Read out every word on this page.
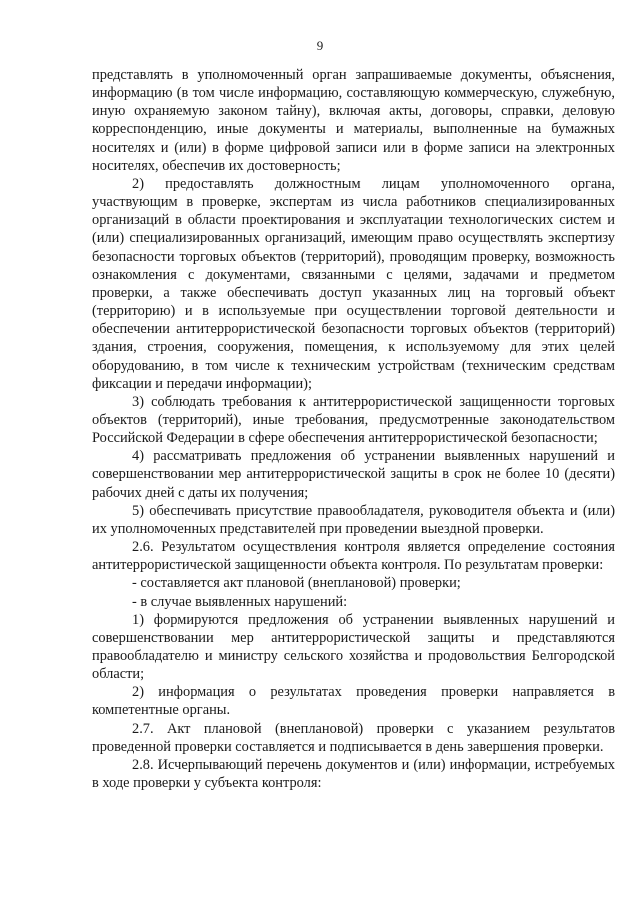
9

представлять в уполномоченный орган запрашиваемые документы, объяснения, информацию (в том числе информацию, составляющую коммерческую, служебную, иную охраняемую законом тайну), включая акты, договоры, справки, деловую корреспонденцию, иные документы и материалы, выполненные на бумажных носителях и (или) в форме цифровой записи или в форме записи на электронных носителях, обеспечив их достоверность;

2) предоставлять должностным лицам уполномоченного органа, участвующим в проверке, экспертам из числа работников специализированных организаций в области проектирования и эксплуатации технологических систем и (или) специализированных организаций, имеющим право осуществлять экспертизу безопасности торговых объектов (территорий), проводящим проверку, возможность ознакомления с документами, связанными с целями, задачами и предметом проверки, а также обеспечивать доступ указанных лиц на торговый объект (территорию) и в используемые при осуществлении торговой деятельности и обеспечении антитеррористической безопасности торговых объектов (территорий) здания, строения, сооружения, помещения, к используемому для этих целей оборудованию, в том числе к техническим устройствам (техническим средствам фиксации и передачи информации);

3) соблюдать требования к антитеррористической защищенности торговых объектов (территорий), иные требования, предусмотренные законодательством Российской Федерации в сфере обеспечения антитеррористической безопасности;

4) рассматривать предложения об устранении выявленных нарушений и совершенствовании мер антитеррористической защиты в срок не более 10 (десяти) рабочих дней с даты их получения;

5) обеспечивать присутствие правообладателя, руководителя объекта и (или) их уполномоченных представителей при проведении выездной проверки.

2.6. Результатом осуществления контроля является определение состояния антитеррористической защищенности объекта контроля. По результатам проверки:

- составляется акт плановой (внеплановой) проверки;

- в случае выявленных нарушений:

1) формируются предложения об устранении выявленных нарушений и совершенствовании мер антитеррористической защиты и представляются правообладателю и министру сельского хозяйства и продовольствия Белгородской области;

2) информация о результатах проведения проверки направляется в компетентные органы.

2.7. Акт плановой (внеплановой) проверки с указанием результатов проведенной проверки составляется и подписывается в день завершения проверки.

2.8. Исчерпывающий перечень документов и (или) информации, истребуемых в ходе проверки у субъекта контроля:
